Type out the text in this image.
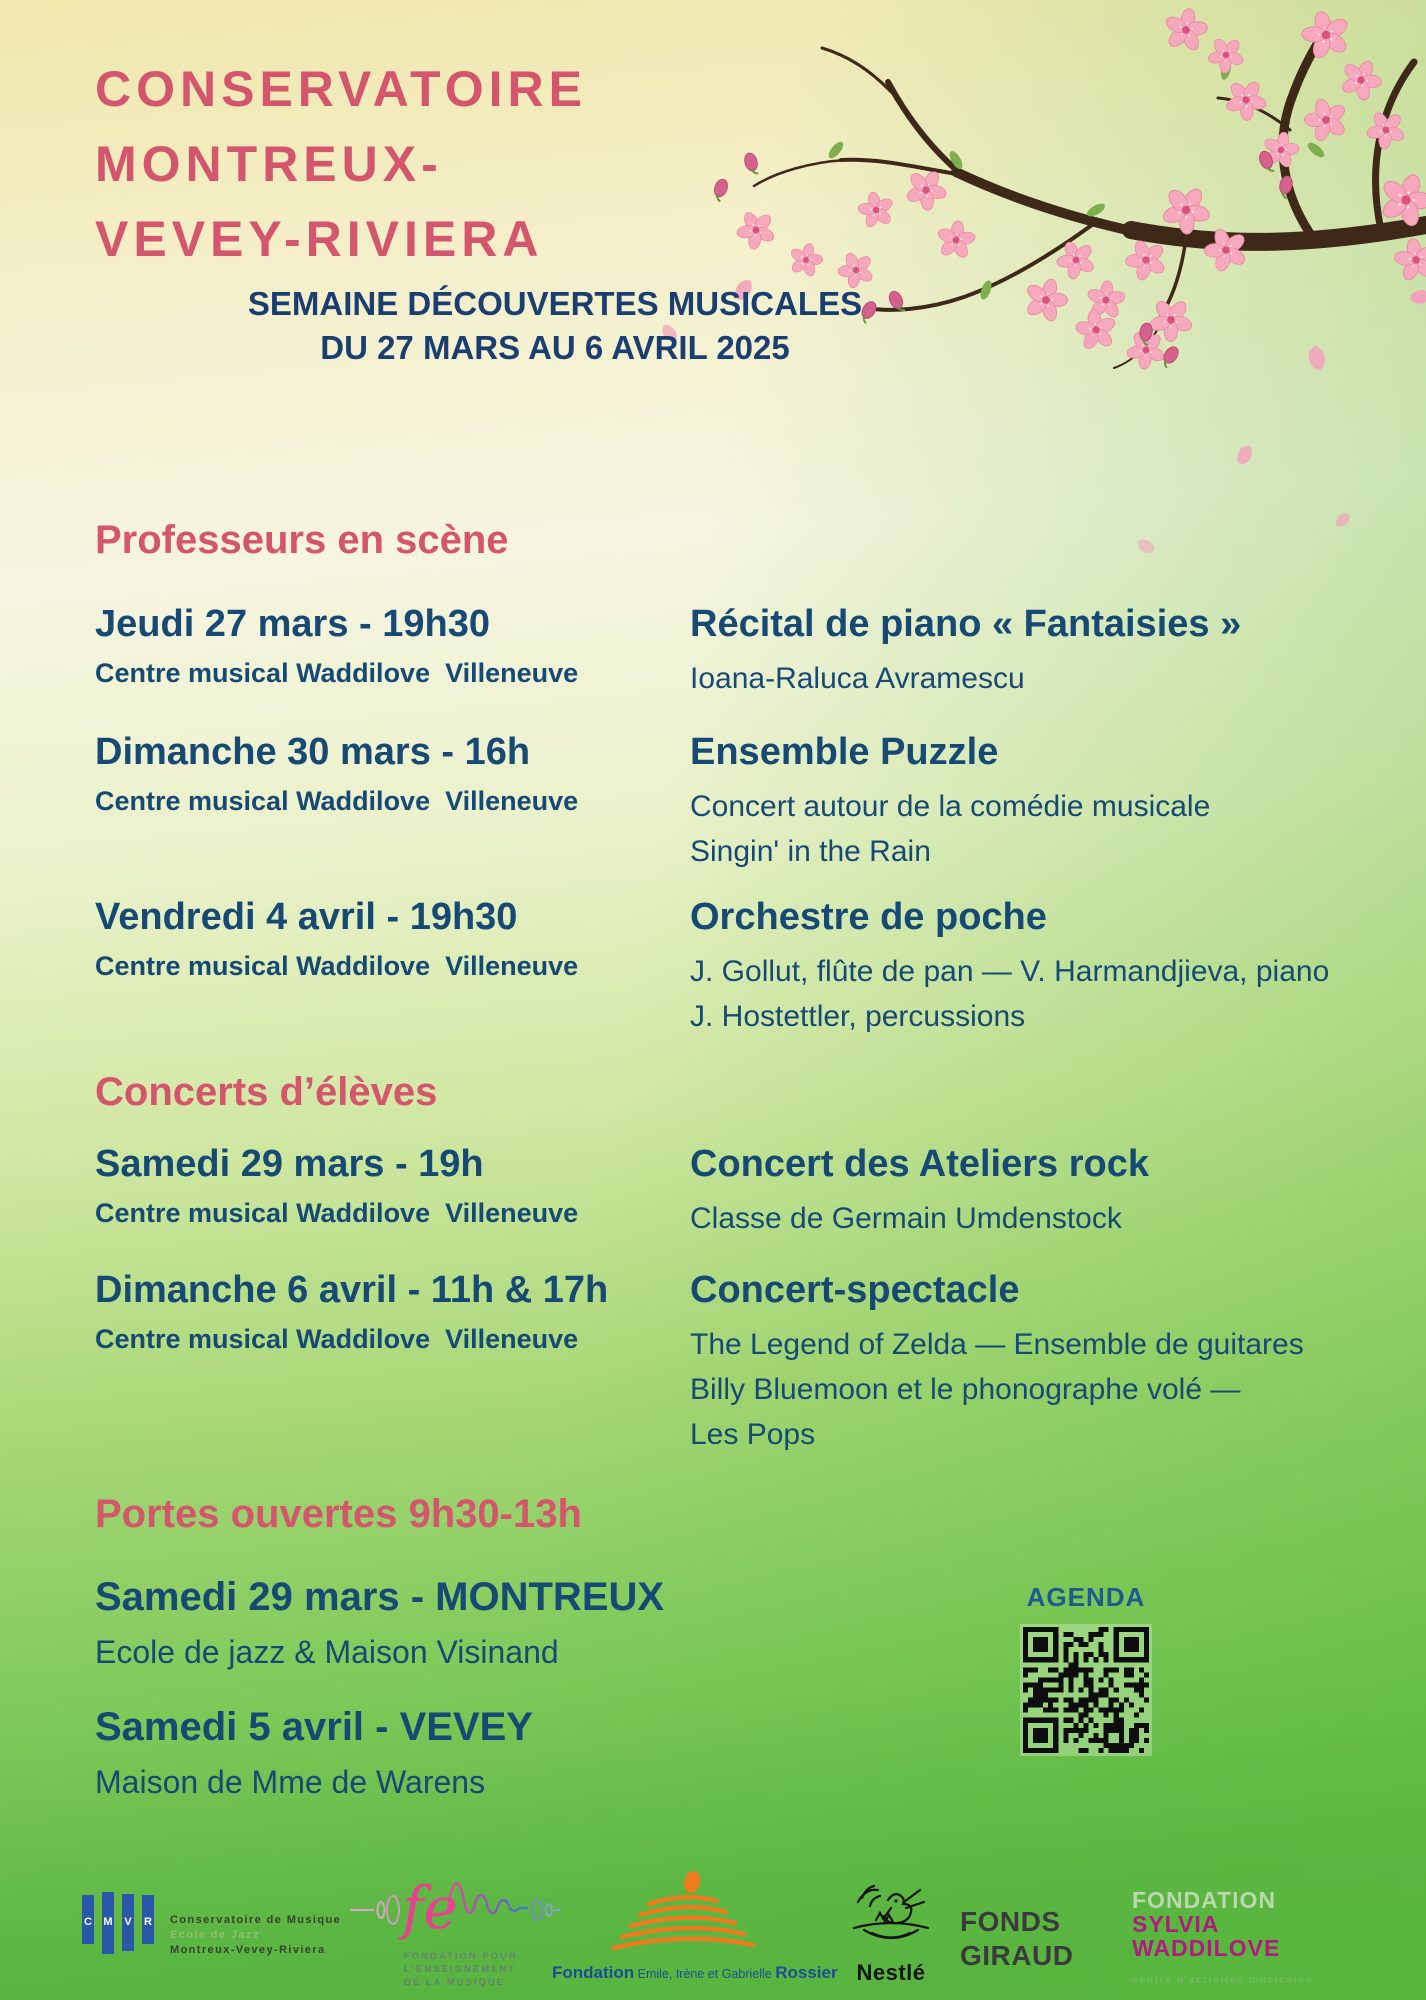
CONSERVATOIRE
MONTREUX-
VEVEY-RIVIERA
SEMAINE DÉCOUVERTES MUSICALES
DU 27 MARS AU 6 AVRIL 2025
Professeurs en scène
Jeudi 27 mars - 19h30
Centre musical Waddilove  Villeneuve
Récital de piano « Fantaisies »
Ioana-Raluca Avramescu
Dimanche 30 mars - 16h
Centre musical Waddilove  Villeneuve
Ensemble Puzzle
Concert autour de la comédie musicale
Singin' in the Rain
Vendredi 4 avril - 19h30
Centre musical Waddilove  Villeneuve
Orchestre de poche
J. Gollut, flûte de pan — V. Harmandjieva, piano
J. Hostettler, percussions
Concerts d’élèves
Samedi 29 mars - 19h
Centre musical Waddilove  Villeneuve
Concert des Ateliers rock
Classe de Germain Umdenstock
Dimanche 6 avril - 11h & 17h
Centre musical Waddilove  Villeneuve
Concert-spectacle
The Legend of Zelda — Ensemble de guitares
Billy Bluemoon et le phonographe volé —
Les Pops
Portes ouvertes 9h30-13h
Samedi 29 mars - MONTREUX
Ecole de jazz & Maison Visinand
Samedi 5 avril - VEVEY
Maison de Mme de Warens
AGENDA
C M V R Conservatoire de Musique
Ecole de Jazz
Montreux-Vevey-Riviera
fe
FONDATION POUR
L'ENSEIGNEMENT
DE LA MUSIQUE
Fondation Emile, Irène et Gabrielle Rossier Nestlé
FONDS
GIRAUD
FONDATION
SYLVIA
WADDILOVE
centre d'activités musicales
